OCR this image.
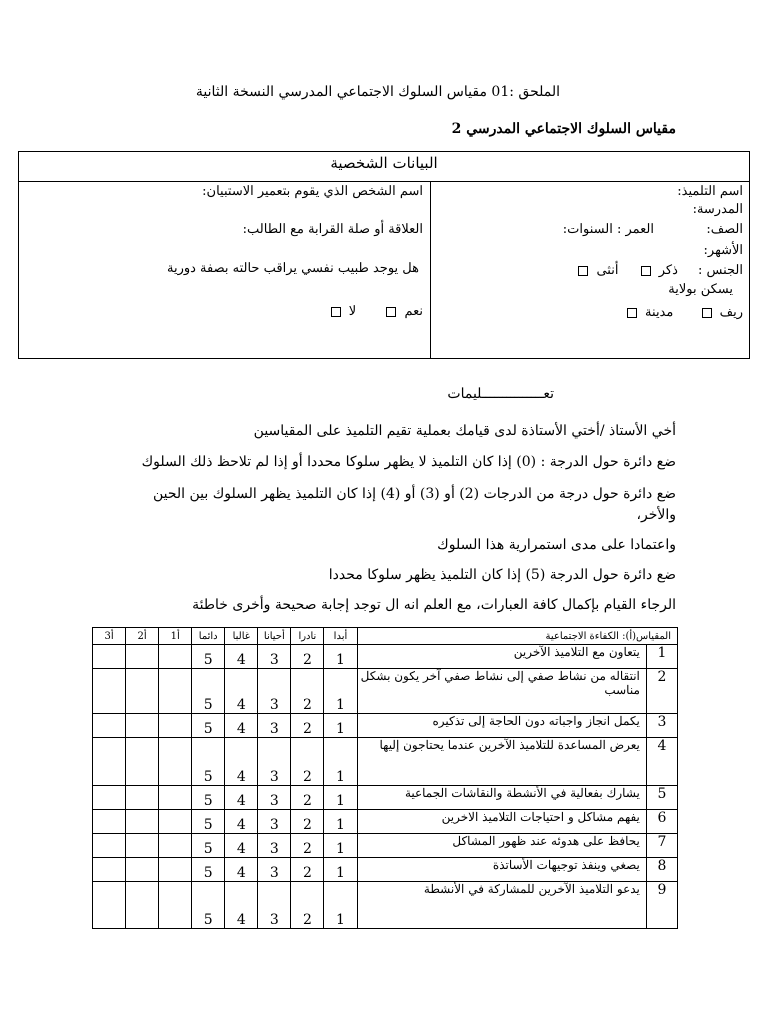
الملحق :01 مقياس السلوك الاجتماعي المدرسي النسخة الثانية
مقياس السلوك الاجتماعي المدرسي 2
البيانات الشخصية
اسم التلميذ:
المدرسة:
الصف:
العمر : السنوات:
الأشهر:
الجنس : ذكر  أنثى
يسكن بولاية
ريف  مدينة
اسم الشخص الذي يقوم بتعمير الاستبيان:
العلاقة أو صلة القرابة مع الطالب:
هل يوجد طبيب نفسي يراقب حالته بصفة دورية
نعم  لا
تعـــــــــــــــليمات
أخي الأستاذ /أختي الأستاذة لدى قيامك بعملية تقيم التلميذ على المقياسين
ضع دائرة حول الدرجة : (0) إذا كان التلميذ لا يظهر سلوكا محددا أو إذا لم تلاحظ ذلك السلوك
ضع دائرة حول درجة من الدرجات (2) أو (3) أو (4) إذا كان التلميذ يظهر السلوك بين الحين
والأخر،
واعتمادا على مدى استمرارية هذا السلوك
ضع دائرة حول الدرجة (5) إذا كان التلميذ يظهر سلوكا محددا
الرجاء القيام بإكمال كافة العبارات، مع العلم انه ال توجد إجابة صحيحة وأخرى خاطئة
أ3	أ2	أ1	دائما	غالبا	أحيانا	نادرا	أبدا	المقياس(أ): الكفاءة الاجتماعية	
			5	4	3	2	1	يتعاون مع التلاميذ الآخرين	1
			5	4	3	2	1	انتقاله من نشاط صفي إلى نشاط صفي آخر يكون بشكل مناسب	2
			5	4	3	2	1	يكمل انجاز واجباته دون الحاجة إلى تذكيره	3
			5	4	3	2	1	يعرض المساعدة للتلاميذ الآخرين عندما يحتاجون إليها	4
			5	4	3	2	1	يشارك بفعالية في الأنشطة والنقاشات الجماعية	5
			5	4	3	2	1	يفهم مشاكل و احتياجات التلاميذ الاخرين	6
			5	4	3	2	1	يحافظ على هدوئه عند ظهور المشاكل	7
			5	4	3	2	1	يصغي وينفذ توجيهات الأساتذة	8
			5	4	3	2	1	يدعو التلاميذ الآخرين للمشاركة في الأنشطة	9
